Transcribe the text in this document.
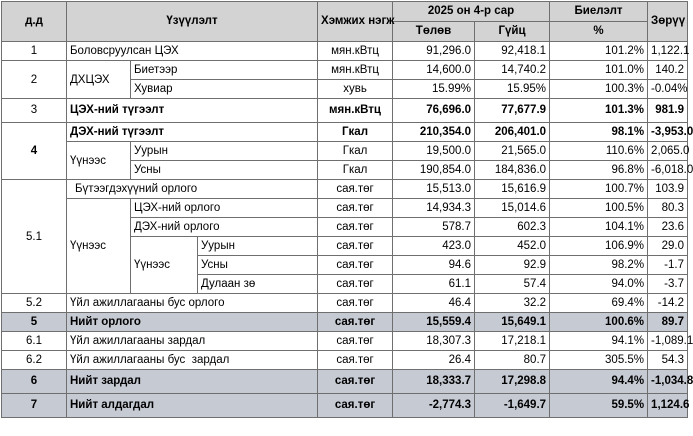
д.д	Үзүүлэлт			Хэмжих нэгж	2025 он 4-р сар		Биелэлт	Зөрүү
					Төлөв	Гүйц	%	
1	Боловсруулсан ЦЭХ			мян.кВтц	91,296.0	92,418.1	101.2%	1,122.1
2	ДХЦЭХ	Биетээр		мян.кВтц	14,600.0	14,740.2	101.0%	140.2
		Хувиар		хувь	15.99%	15.95%	100.3%	-0.04%
3	ЦЭХ-ний түгээлт			мян.кВтц	76,696.0	77,677.9	101.3%	981.9
4	ДЭХ-ний түгээлт			Гкал	210,354.0	206,401.0	98.1%	-3,953.0
	Үүнээс	Уурын		Гкал	19,500.0	21,565.0	110.6%	2,065.0
		Усны		Гкал	190,854.0	184,836.0	96.8%	-6,018.0
5.1	Бүтээгдэхүүний орлого			сая.төг	15,513.0	15,616.9	100.7%	103.9
	Үүнээс	ЦЭХ-ний орлого		сая.төг	14,934.3	15,014.6	100.5%	80.3
		ДЭХ-ний орлого		сая.төг	578.7	602.3	104.1%	23.6
		Үүнээс	Уурын	сая.төг	423.0	452.0	106.9%	29.0
			Усны	сая.төг	94.6	92.9	98.2%	-1.7
			Дулаан зө	сая.төг	61.1	57.4	94.0%	-3.7
5.2	Үйл ажиллагааны бус орлого			сая.төг	46.4	32.2	69.4%	-14.2
5	Нийт орлого			сая.төг	15,559.4	15,649.1	100.6%	89.7
6.1	Үйл ажиллагааны зардал			сая.төг	18,307.3	17,218.1	94.1%	-1,089.1
6.2	Үйл ажиллагааны бус  зардал			сая.төг	26.4	80.7	305.5%	54.3
6	Нийт зардал			сая.төг	18,333.7	17,298.8	94.4%	-1,034.8
7	Нийт алдагдал			сая.төг	-2,774.3	-1,649.7	59.5%	1,124.6
